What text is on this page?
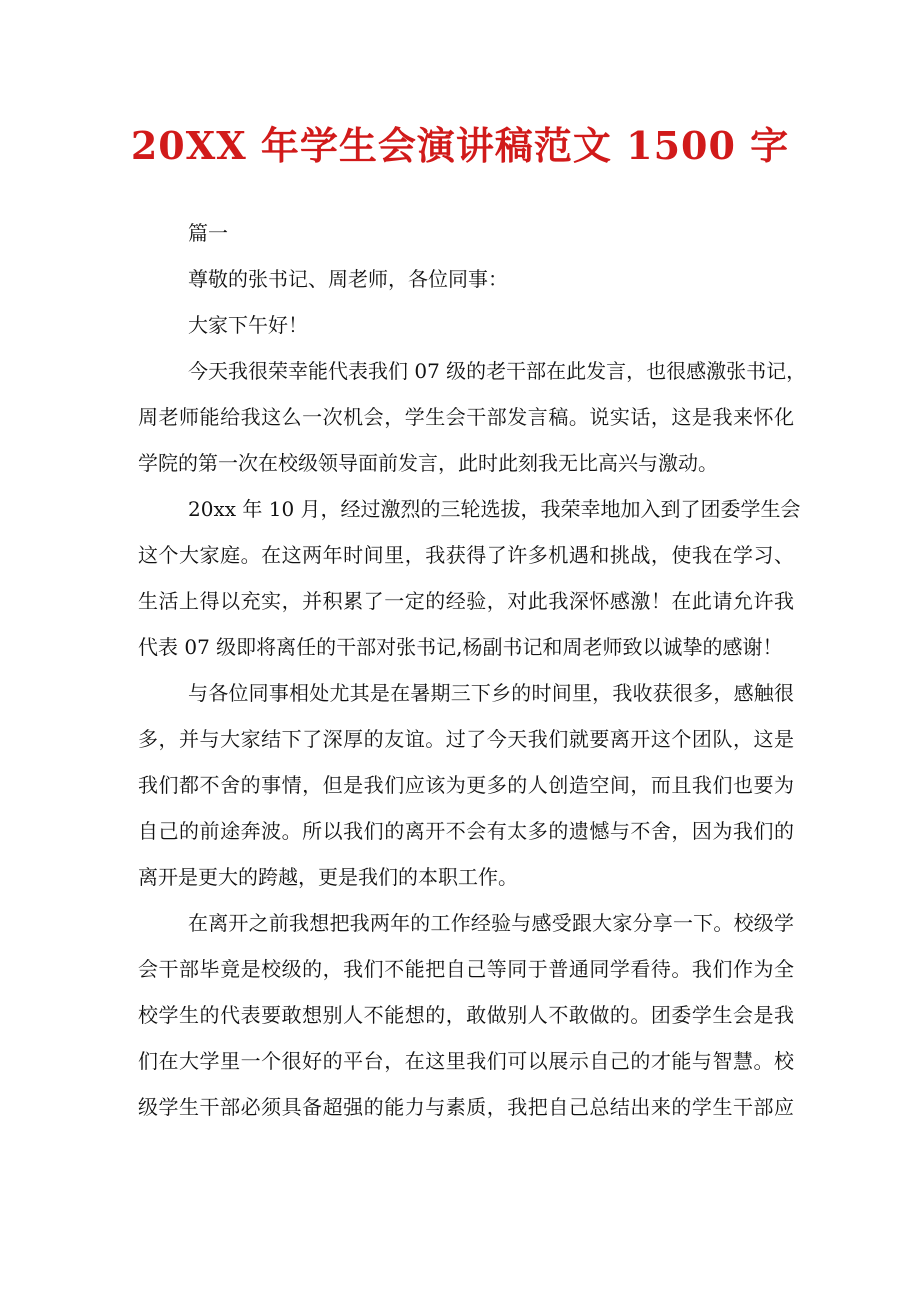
20XX 年学生会演讲稿范文 1500 字
篇一
尊敬的张书记、周老师，各位同事：
大家下午好！
今天我很荣幸能代表我们 07 级的老干部在此发言，也很感激张书记，
周老师能给我这么一次机会，学生会干部发言稿。说实话，这是我来怀化
学院的第一次在校级领导面前发言，此时此刻我无比高兴与激动。
20xx 年 10 月，经过激烈的三轮选拔，我荣幸地加入到了团委学生会
这个大家庭。在这两年时间里，我获得了许多机遇和挑战，使我在学习、
生活上得以充实，并积累了一定的经验，对此我深怀感激！在此请允许我
代表 07 级即将离任的干部对张书记,杨副书记和周老师致以诚挚的感谢！
与各位同事相处尤其是在暑期三下乡的时间里，我收获很多，感触很
多，并与大家结下了深厚的友谊。过了今天我们就要离开这个团队，这是
我们都不舍的事情，但是我们应该为更多的人创造空间，而且我们也要为
自己的前途奔波。所以我们的离开不会有太多的遗憾与不舍，因为我们的
离开是更大的跨越，更是我们的本职工作。
在离开之前我想把我两年的工作经验与感受跟大家分享一下。校级学
会干部毕竟是校级的，我们不能把自己等同于普通同学看待。我们作为全
校学生的代表要敢想别人不能想的，敢做别人不敢做的。团委学生会是我
们在大学里一个很好的平台，在这里我们可以展示自己的才能与智慧。校
级学生干部必须具备超强的能力与素质，我把自己总结出来的学生干部应
